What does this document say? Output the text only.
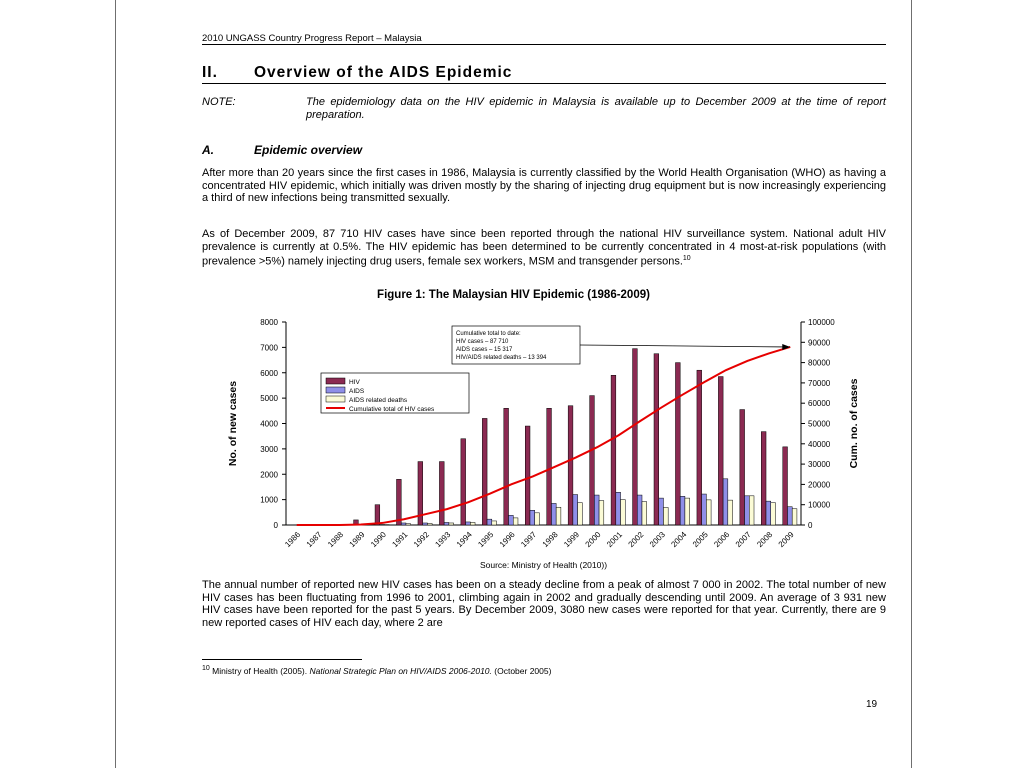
2010 UNGASS Country Progress Report – Malaysia
II. Overview of the AIDS Epidemic
NOTE:	The epidemiology data on the HIV epidemic in Malaysia is available up to December 2009 at the time of report preparation.
A.	Epidemic overview
After more than 20 years since the first cases in 1986, Malaysia is currently classified by the World Health Organisation (WHO) as having a concentrated HIV epidemic, which initially was driven mostly by the sharing of injecting drug equipment but is now increasingly experiencing a third of new infections being transmitted sexually.
As of December 2009, 87 710 HIV cases have since been reported through the national HIV surveillance system. National adult HIV prevalence is currently at 0.5%. The HIV epidemic has been determined to be currently concentrated in 4 most-at-risk populations (with prevalence >5%) namely injecting drug users, female sex workers, MSM and transgender persons.$^{10}$
Figure 1: The Malaysian HIV Epidemic (1986-2009)
0
1000
2000
3000
4000
5000
6000
7000
8000
0
10000
20000
30000
40000
50000
60000
70000
80000
90000
100000
No. of new cases	Cum. no. of cases
1986 1987 1988 1989 1990 1991 1992 1993 1994 1995 1996 1997 1998 1999 2000 2001 2002 2003 2004 2005 2006 2007 2008 2009
HIV
AIDS
AIDS related deaths
Cumulative total of HIV cases
Cumulative total to date:
HIV cases – 87 710
AIDS cases – 15 317
HIV/AIDS related deaths – 13 394
Source: Ministry of Health (2010))
The annual number of reported new HIV cases has been on a steady decline from a peak of almost 7 000 in 2002. The total number of new HIV cases has been fluctuating from 1996 to 2001, climbing again in 2002 and gradually descending until 2009. An average of 3 931 new HIV cases have been reported for the past 5 years. By December 2009, 3080 new cases were reported for that year. Currently, there are 9 new reported cases of HIV each day, where 2 are
$^{10}$ Ministry of Health (2005). National Strategic Plan on HIV/AIDS 2006-2010. (October 2005)
19
